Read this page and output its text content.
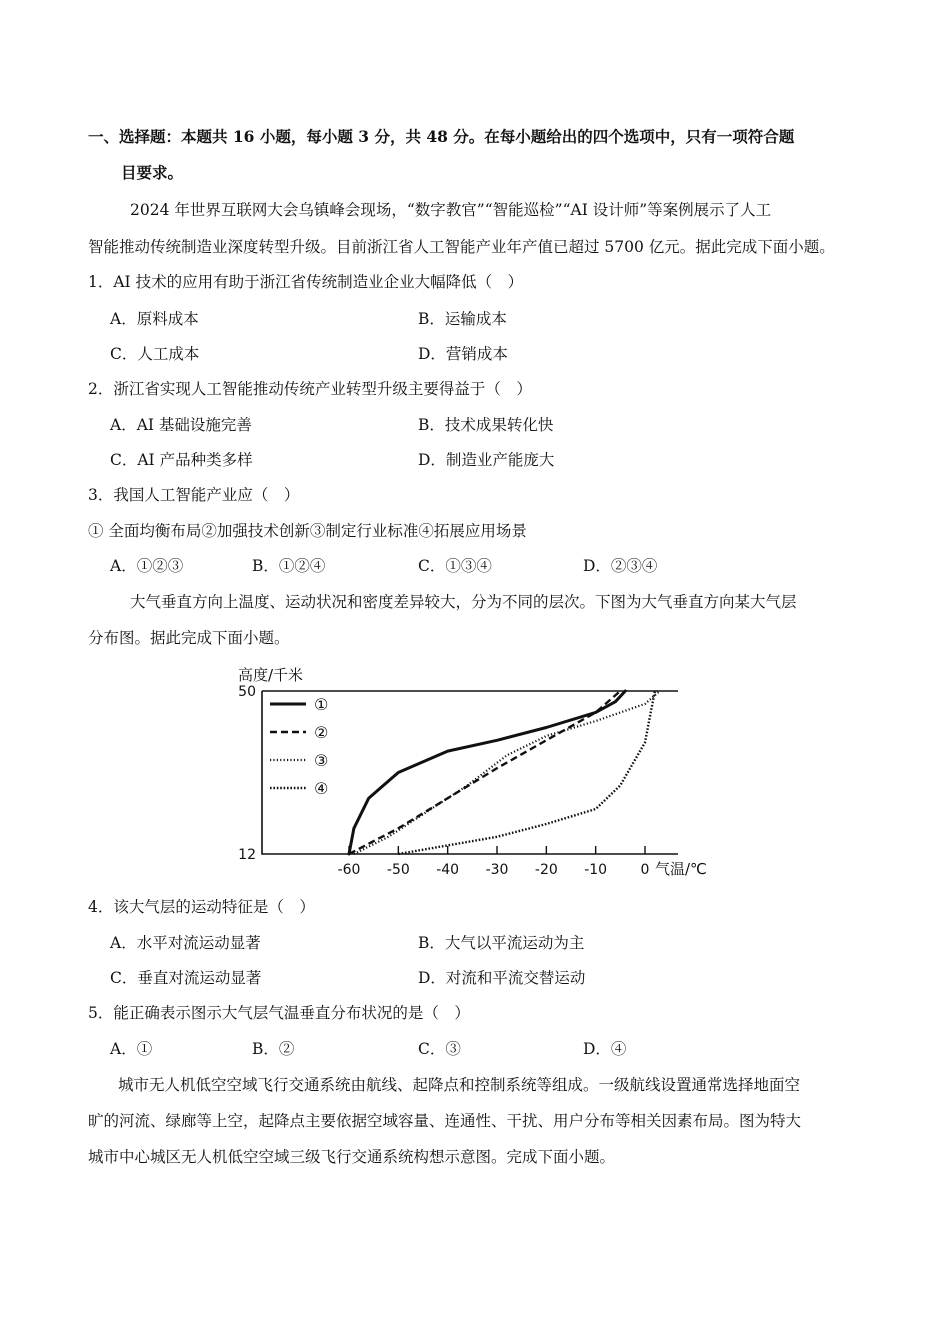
一、选择题：本题共 16 小题，每小题 3 分，共 48 分。在每小题给出的四个选项中，只有一项符合题
目要求。
2024 年世界互联网大会乌镇峰会现场，“数字教官”“智能巡检”“AI 设计师”等案例展示了人工
智能推动传统制造业深度转型升级。目前浙江省人工智能产业年产值已超过 5700 亿元。据此完成下面小题。
1．AI 技术的应用有助于浙江省传统制造业企业大幅降低（　）
A．原料成本	B．运输成本
C．人工成本	D．营销成本
2．浙江省实现人工智能推动传统产业转型升级主要得益于（　）
A．AI 基础设施完善	B．技术成果转化快
C．AI 产品种类多样	D．制造业产能庞大
3．我国人工智能产业应（　）
① 全面均衡布局②加强技术创新③制定行业标准④拓展应用场景
A．①②③	B．①②④	C．①③④	D．②③④
大气垂直方向上温度、运动状况和密度差异较大，分为不同的层次。下图为大气垂直方向某大气层
分布图。据此完成下面小题。
高度/千米
气温/℃
50
12
-60 -50 -40 -30 -20 -10 0
①
②
③
④
4．该大气层的运动特征是（　）
A．水平对流运动显著	B．大气以平流运动为主
C．垂直对流运动显著	D．对流和平流交替运动
5．能正确表示图示大气层气温垂直分布状况的是（　）
A．①	B．②	C．③	D．④
城市无人机低空空域飞行交通系统由航线、起降点和控制系统等组成。一级航线设置通常选择地面空
旷的河流、绿廊等上空，起降点主要依据空域容量、连通性、干扰、用户分布等相关因素布局。图为特大
城市中心城区无人机低空空域三级飞行交通系统构想示意图。完成下面小题。
